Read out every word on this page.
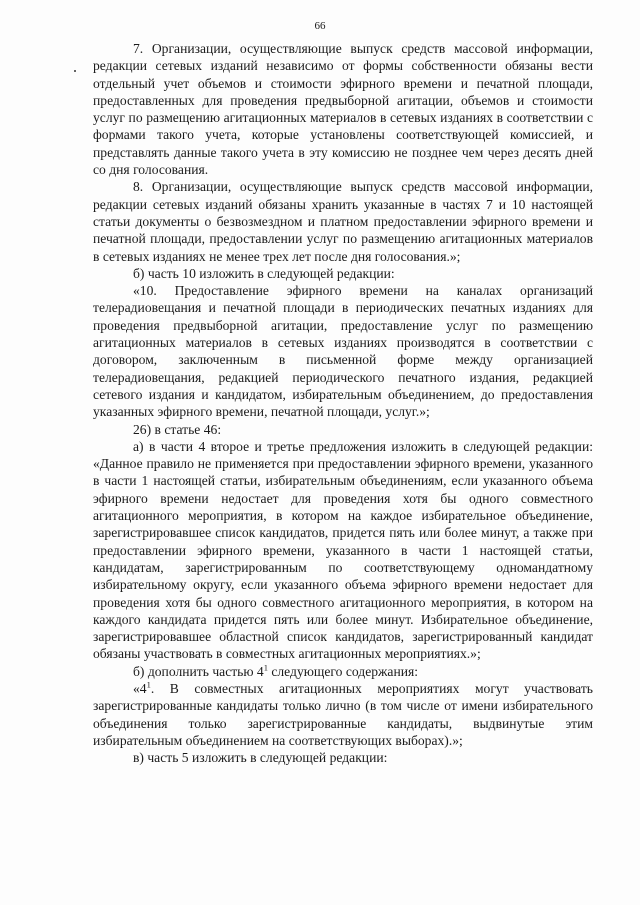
66

7. Организации, осуществляющие выпуск средств массовой информации, редакции сетевых изданий независимо от формы собственности обязаны вести отдельный учет объемов и стоимости эфирного времени и печатной площади, предоставленных для проведения предвыборной агитации, объемов и стоимости услуг по размещению агитационных материалов в сетевых изданиях в соответствии с формами такого учета, которые установлены соответствующей комиссией, и представлять данные такого учета в эту комиссию не позднее чем через десять дней со дня голосования.

8. Организации, осуществляющие выпуск средств массовой информации, редакции сетевых изданий обязаны хранить указанные в частях 7 и 10 настоящей статьи документы о безвозмездном и платном предоставлении эфирного времени и печатной площади, предоставлении услуг по размещению агитационных материалов в сетевых изданиях не менее трех лет после дня голосования.»;

б) часть 10 изложить в следующей редакции:

«10. Предоставление эфирного времени на каналах организаций телерадиовещания и печатной площади в периодических печатных изданиях для проведения предвыборной агитации, предоставление услуг по размещению агитационных материалов в сетевых изданиях производятся в соответствии с договором, заключенным в письменной форме между организацией телерадиовещания, редакцией периодического печатного издания, редакцией сетевого издания и кандидатом, избирательным объединением, до предоставления указанных эфирного времени, печатной площади, услуг.»;

26) в статье 46:

а) в части 4 второе и третье предложения изложить в следующей редакции: «Данное правило не применяется при предоставлении эфирного времени, указанного в части 1 настоящей статьи, избирательным объединениям, если указанного объема эфирного времени недостает для проведения хотя бы одного совместного агитационного мероприятия, в котором на каждое избирательное объединение, зарегистрировавшее список кандидатов, придется пять или более минут, а также при предоставлении эфирного времени, указанного в части 1 настоящей статьи, кандидатам, зарегистрированным по соответствующему одномандатному избирательному округу, если указанного объема эфирного времени недостает для проведения хотя бы одного совместного агитационного мероприятия, в котором на каждого кандидата придется пять или более минут. Избирательное объединение, зарегистрировавшее областной список кандидатов, зарегистрированный кандидат обязаны участвовать в совместных агитационных мероприятиях.»;

б) дополнить частью $4^1$ следующего содержания:

«$4^1$. В совместных агитационных мероприятиях могут участвовать зарегистрированные кандидаты только лично (в том числе от имени избирательного объединения только зарегистрированные кандидаты, выдвинутые этим избирательным объединением на соответствующих выборах).»;

в) часть 5 изложить в следующей редакции:
